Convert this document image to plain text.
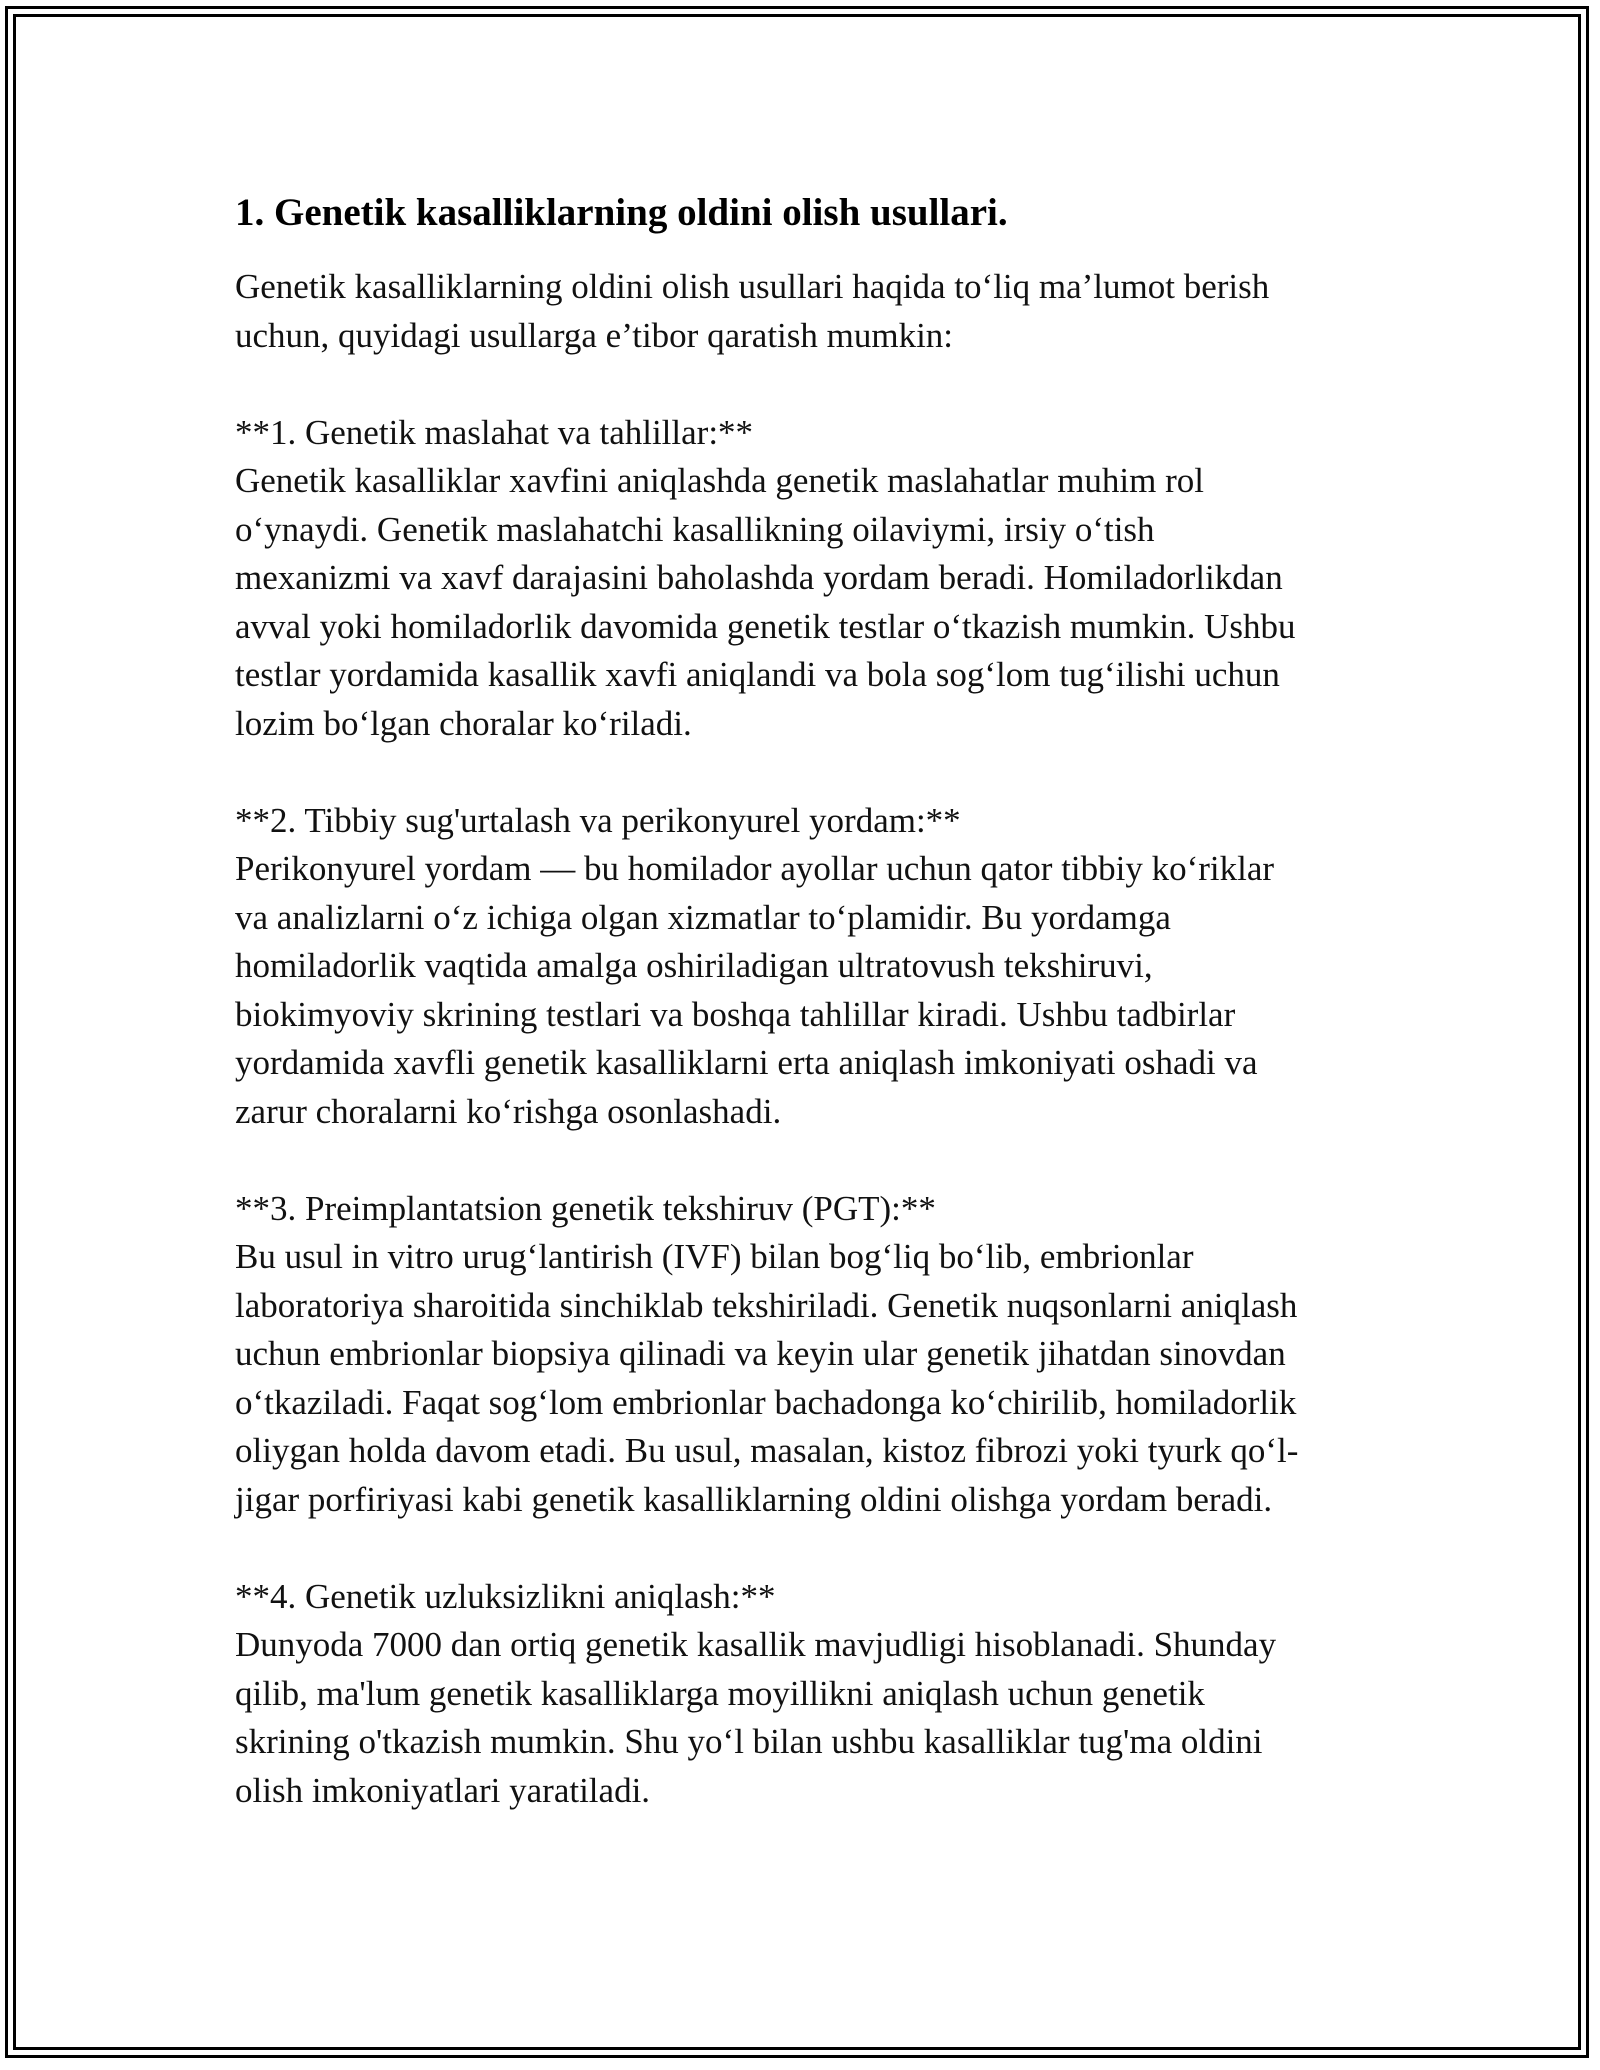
1. Genetik kasalliklarning oldini olish usullari.

Genetik kasalliklarning oldini olish usullari haqida to‘liq ma’lumot berish
uchun, quyidagi usullarga e’tibor qaratish mumkin:

**1. Genetik maslahat va tahlillar:**
Genetik kasalliklar xavfini aniqlashda genetik maslahatlar muhim rol
o‘ynaydi. Genetik maslahatchi kasallikning oilaviymi, irsiy o‘tish
mexanizmi va xavf darajasini baholashda yordam beradi. Homiladorlikdan
avval yoki homiladorlik davomida genetik testlar o‘tkazish mumkin. Ushbu
testlar yordamida kasallik xavfi aniqlandi va bola sog‘lom tug‘ilishi uchun
lozim bo‘lgan choralar ko‘riladi.

**2. Tibbiy sug'urtalash va perikonyurel yordam:**
Perikonyurel yordam — bu homilador ayollar uchun qator tibbiy ko‘riklar
va analizlarni o‘z ichiga olgan xizmatlar to‘plamidir. Bu yordamga
homiladorlik vaqtida amalga oshiriladigan ultratovush tekshiruvi,
biokimyoviy skrining testlari va boshqa tahlillar kiradi. Ushbu tadbirlar
yordamida xavfli genetik kasalliklarni erta aniqlash imkoniyati oshadi va
zarur choralarni ko‘rishga osonlashadi.

**3. Preimplantatsion genetik tekshiruv (PGT):**
Bu usul in vitro urug‘lantirish (IVF) bilan bog‘liq bo‘lib, embrionlar
laboratoriya sharoitida sinchiklab tekshiriladi. Genetik nuqsonlarni aniqlash
uchun embrionlar biopsiya qilinadi va keyin ular genetik jihatdan sinovdan
o‘tkaziladi. Faqat sog‘lom embrionlar bachadonga ko‘chirilib, homiladorlik
oliygan holda davom etadi. Bu usul, masalan, kistoz fibrozi yoki tyurk qo‘l-
jigar porfiriyasi kabi genetik kasalliklarning oldini olishga yordam beradi.

**4. Genetik uzluksizlikni aniqlash:**
Dunyoda 7000 dan ortiq genetik kasallik mavjudligi hisoblanadi. Shunday
qilib, ma'lum genetik kasalliklarga moyillikni aniqlash uchun genetik
skrining o'tkazish mumkin. Shu yo‘l bilan ushbu kasalliklar tug'ma oldini
olish imkoniyatlari yaratiladi.
